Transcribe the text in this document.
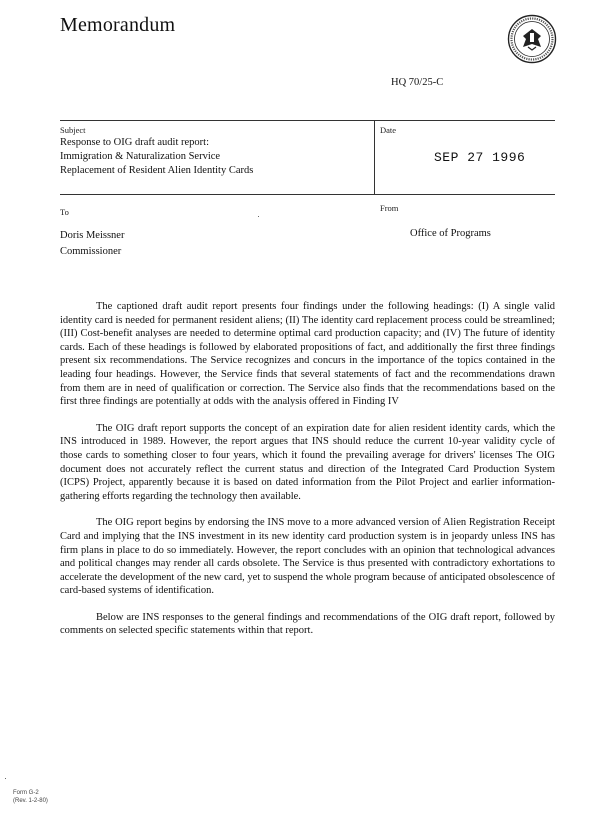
Memorandum
HQ 70/25-C
Subject
Response to OIG draft audit report:
Immigration & Naturalization Service
Replacement of Resident Alien Identity Cards
Date
SEP 27 1996
To
Doris Meissner
Commissioner
From
Office of Programs

The captioned draft audit report presents four findings under the following headings: (I) A single valid identity card is needed for permanent resident aliens; (II) The identity card replacement process could be streamlined; (III) Cost-benefit analyses are needed to determine optimal card production capacity; and (IV) The future of identity cards. Each of these headings is followed by elaborated propositions of fact, and additionally the first three findings present six recommendations. The Service recognizes and concurs in the importance of the topics contained in the leading four headings. However, the Service finds that several statements of fact and the recommendations drawn from them are in need of qualification or correction. The Service also finds that the recommendations based on the first three findings are potentially at odds with the analysis offered in Finding IV

The OIG draft report supports the concept of an expiration date for alien resident identity cards, which the INS introduced in 1989. However, the report argues that INS should reduce the current 10-year validity cycle of those cards to something closer to four years, which it found the prevailing average for drivers' licenses The OIG document does not accurately reflect the current status and direction of the Integrated Card Production System (ICPS) Project, apparently because it is based on dated information from the Pilot Project and earlier information-gathering efforts regarding the technology then available.

The OIG report begins by endorsing the INS move to a more advanced version of Alien Registration Receipt Card and implying that the INS investment in its new identity card production system is in jeopardy unless INS has firm plans in place to do so immediately. However, the report concludes with an opinion that technological advances and political changes may render all cards obsolete. The Service is thus presented with contradictory exhortations to accelerate the development of the new card, yet to suspend the whole program because of anticipated obsolescence of card-based systems of identification.

Below are INS responses to the general findings and recommendations of the OIG draft report, followed by comments on selected specific statements within that report.

Form G-2
(Rev. 1-2-80)
